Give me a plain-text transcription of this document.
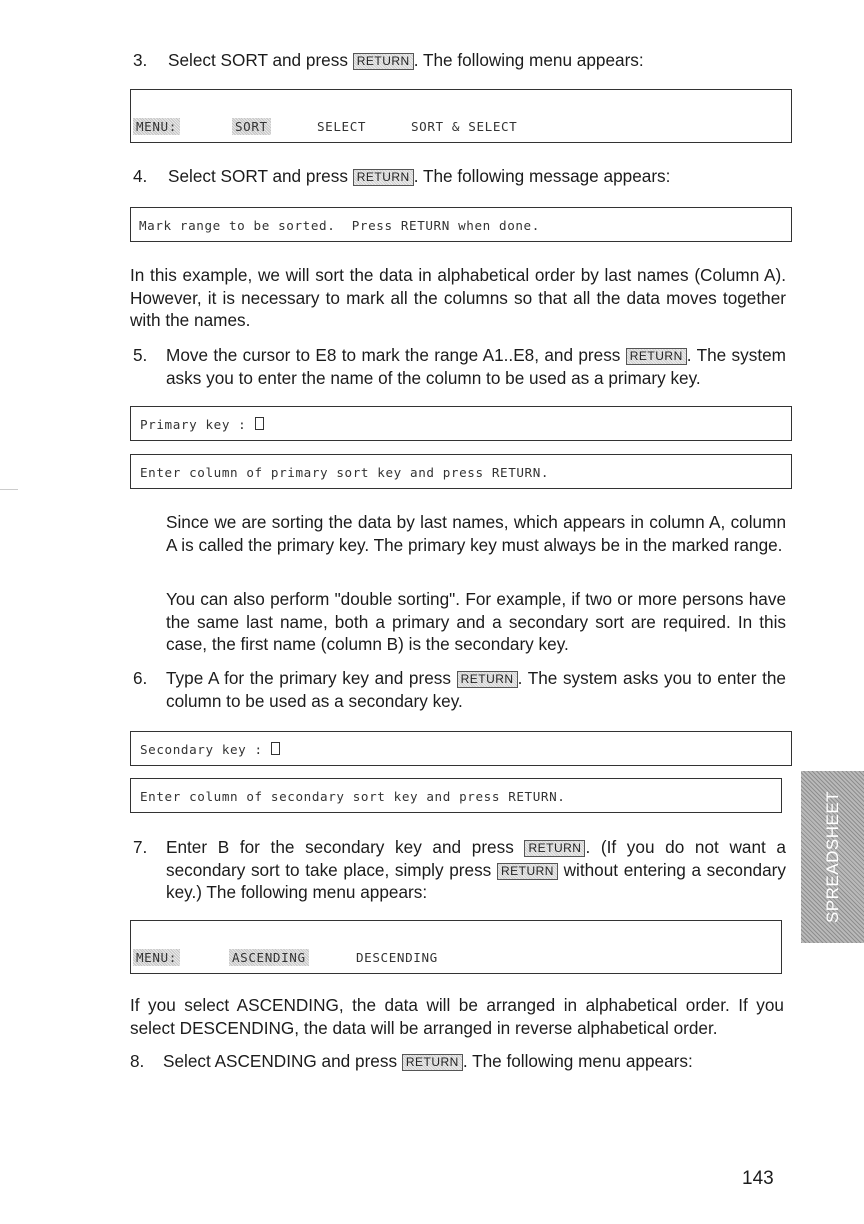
3. Select SORT and press RETURN . The following menu appears:
MENU:	SORT	SELECT	SORT & SELECT
4. Select SORT and press RETURN . The following message appears:
Mark range to be sorted.  Press RETURN when done.
In this example, we will sort the data in alphabetical order by last names (Column A). However, it is necessary to mark all the columns so that all the data moves together with the names.
5. Move the cursor to E8 to mark the range A1..E8, and press RETURN . The system asks you to enter the name of the column to be used as a primary key.
Primary key :
Enter column of primary sort key and press RETURN.
Since we are sorting the data by last names, which appears in column A, column A is called the primary key. The primary key must always be in the marked range.
You can also perform "double sorting". For example, if two or more persons have the same last name, both a primary and a secondary sort are required. In this case, the first name (column B) is the secondary key.
6. Type A for the primary key and press RETURN . The system asks you to enter the column to be used as a secondary key.
Secondary key :
Enter column of secondary sort key and press RETURN.
7. Enter B for the secondary key and press RETURN . (If you do not want a secondary sort to take place, simply press RETURN without entering a secondary key.) The following menu appears:
MENU:	ASCENDING	DESCENDING
If you select ASCENDING, the data will be arranged in alphabetical order. If you select DESCENDING, the data will be arranged in reverse alphabetical order.
8. Select ASCENDING and press RETURN . The following menu appears:
SPREADSHEET
143
